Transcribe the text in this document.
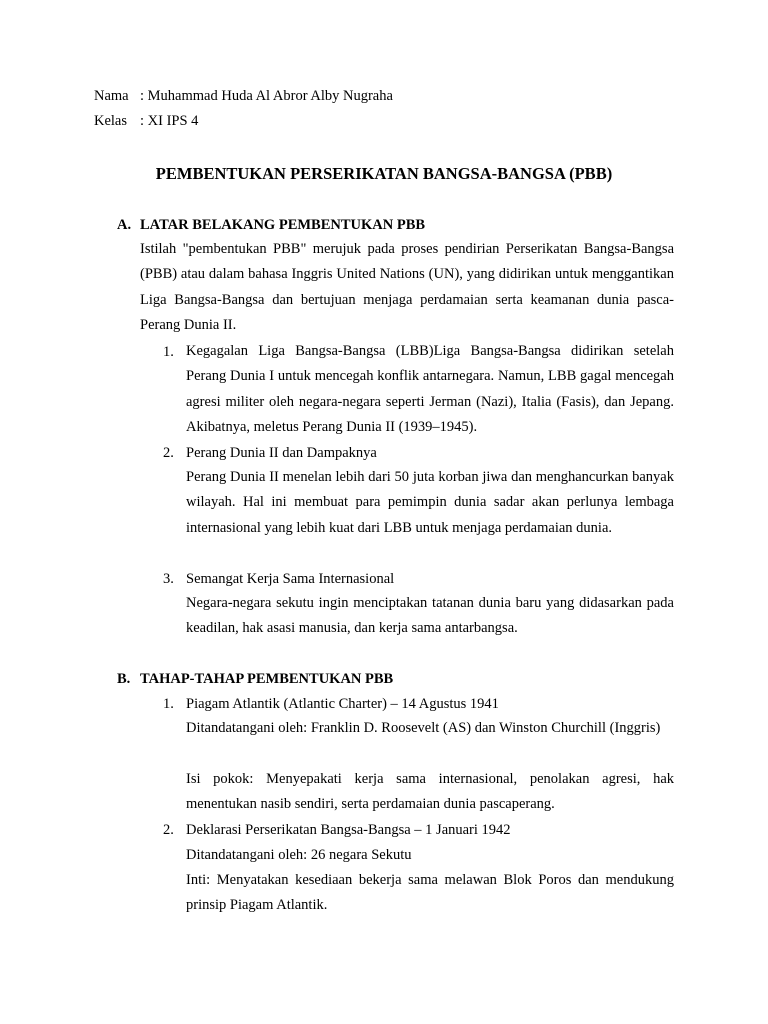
Nama : Muhammad Huda Al Abror Alby Nugraha
Kelas : XI IPS 4
PEMBENTUKAN PERSERIKATAN BANGSA-BANGSA (PBB)
A. LATAR BELAKANG PEMBENTUKAN PBB

Istilah "pembentukan PBB" merujuk pada proses pendirian Perserikatan Bangsa-Bangsa (PBB) atau dalam bahasa Inggris United Nations (UN), yang didirikan untuk menggantikan Liga Bangsa-Bangsa dan bertujuan menjaga perdamaian serta keamanan dunia pasca-Perang Dunia II.

1. Kegagalan Liga Bangsa-Bangsa (LBB)Liga Bangsa-Bangsa didirikan setelah Perang Dunia I untuk mencegah konflik antarnegara. Namun, LBB gagal mencegah agresi militer oleh negara-negara seperti Jerman (Nazi), Italia (Fasis), dan Jepang. Akibatnya, meletus Perang Dunia II (1939–1945).

2. Perang Dunia II dan Dampaknya

Perang Dunia II menelan lebih dari 50 juta korban jiwa dan menghancurkan banyak wilayah. Hal ini membuat para pemimpin dunia sadar akan perlunya lembaga internasional yang lebih kuat dari LBB untuk menjaga perdamaian dunia.

3. Semangat Kerja Sama Internasional

Negara-negara sekutu ingin menciptakan tatanan dunia baru yang didasarkan pada keadilan, hak asasi manusia, dan kerja sama antarbangsa.

B. TAHAP-TAHAP PEMBENTUKAN PBB
1. Piagam Atlantik (Atlantic Charter) – 14 Agustus 1941

Ditandatangani oleh: Franklin D. Roosevelt (AS) dan Winston Churchill (Inggris)

Isi pokok: Menyepakati kerja sama internasional, penolakan agresi, hak menentukan nasib sendiri, serta perdamaian dunia pascaperang.

2. Deklarasi Perserikatan Bangsa-Bangsa – 1 Januari 1942

Ditandatangani oleh: 26 negara Sekutu

Inti: Menyatakan kesediaan bekerja sama melawan Blok Poros dan mendukung prinsip Piagam Atlantik.
